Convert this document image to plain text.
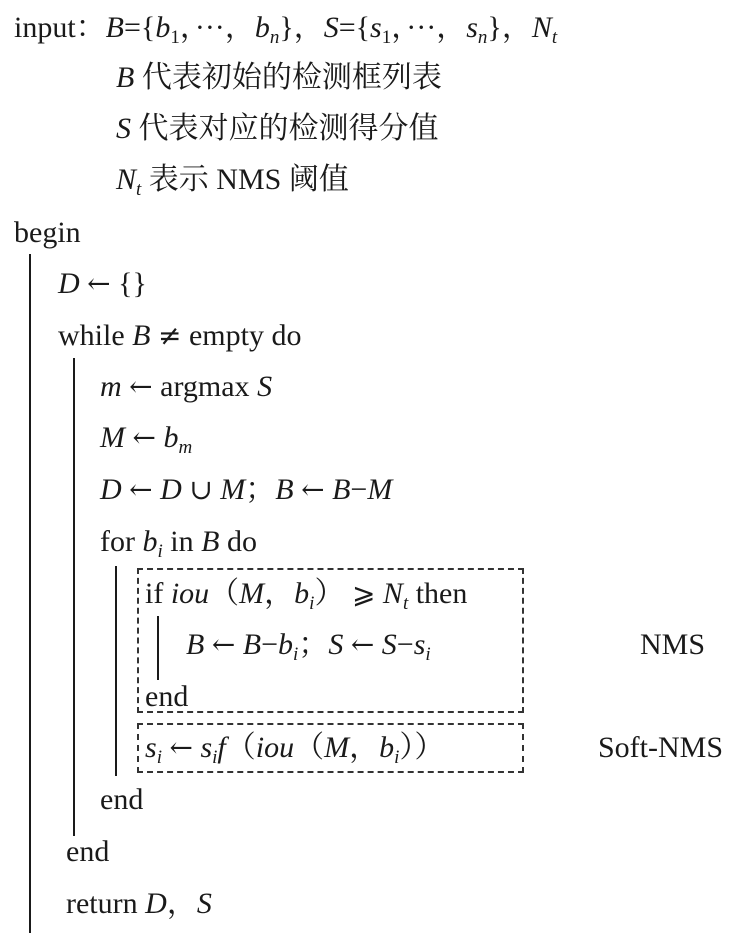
input：$B=\{b_1$，···，$b_n$}，$S=\{s_1$，···，$s_n$}，$N_t$
B 代表初始的检测框列表
S 代表对应的检测得分值
$N_t$ 表示 NMS 阈值
begin
D ← {}
while B ≠ empty do
m ← argmax S
M ← $b_m$
D ← D ∪ M；B ← B−M
for $b_i$ in B do
if iou（M，$b_i$） ⩾ $N_t$ then
B ← $B-b_i$；S ← $S-s_i$
end
NMS
$s_i$ ← $s_if(iou(M$，$b_i$））	Soft-NMS
end
end
return D，S
